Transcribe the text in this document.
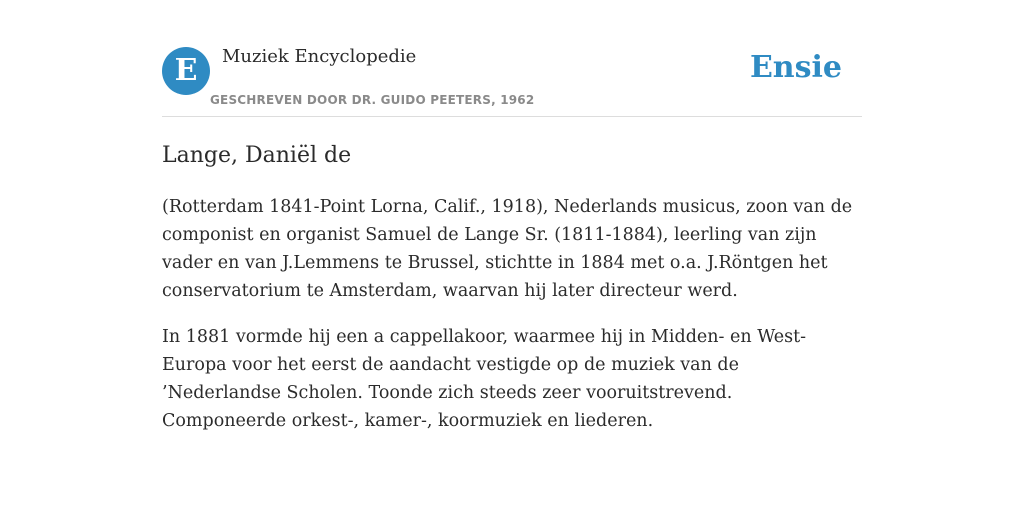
E	Muziek Encyclopedie
GESCHREVEN DOOR DR. GUIDO PEETERS, 1962
Ensie
Lange, Daniël de

(Rotterdam 1841-Point Lorna, Calif., 1918), Nederlands musicus, zoon van de componist en organist Samuel de Lange Sr. (1811-1884), leerling van zijn vader en van J.Lemmens te Brussel, stichtte in 1884 met o.a. J.Röntgen het conservatorium te Amsterdam, waarvan hij later directeur werd.

In 1881 vormde hij een a cappellakoor, waarmee hij in Midden- en West-Europa voor het eerst de aandacht vestigde op de muziek van de ’Nederlandse Scholen. Toonde zich steeds zeer vooruitstrevend. Componeerde orkest-, kamer-, koormuziek en liederen.
